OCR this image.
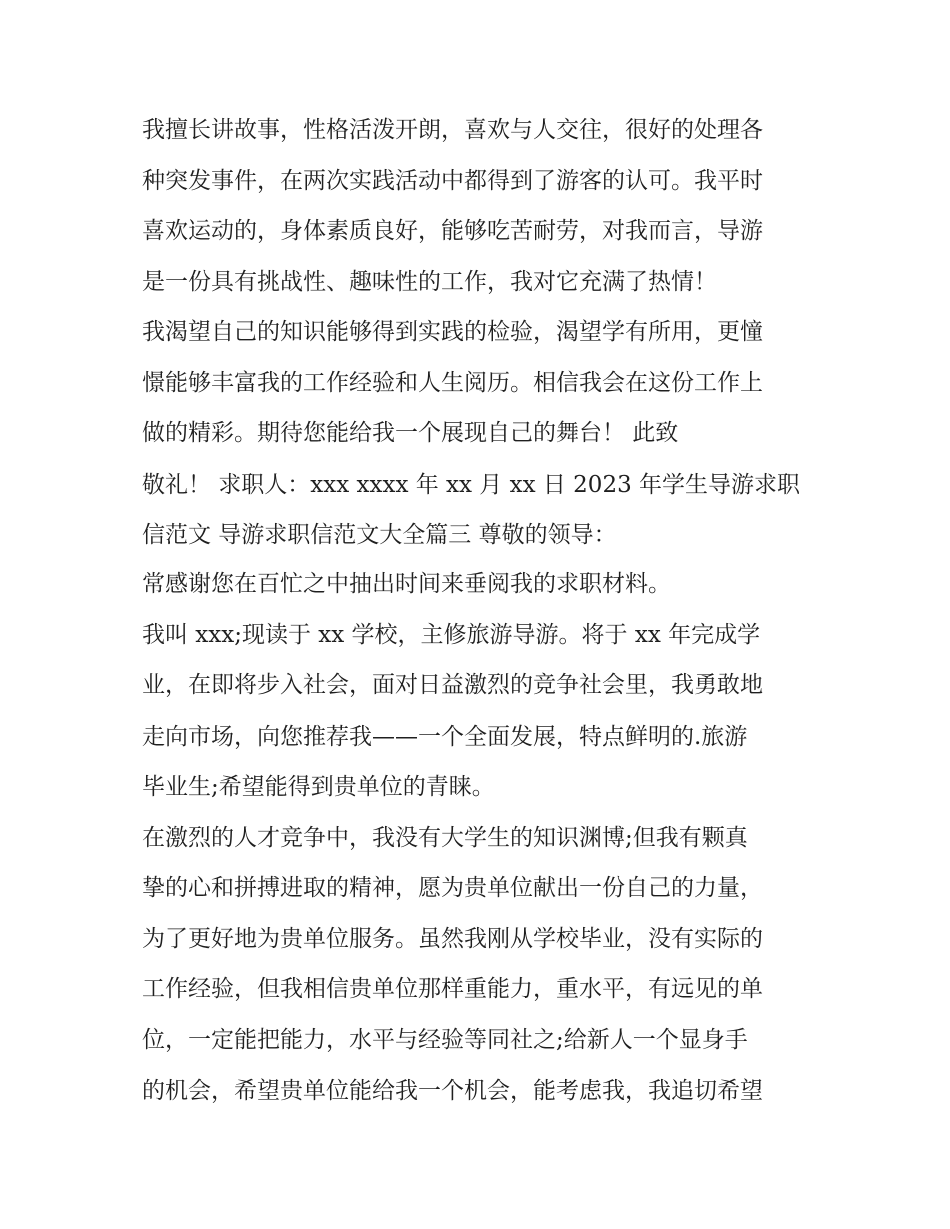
我擅长讲故事，性格活泼开朗，喜欢与人交往，很好的处理各
种突发事件，在两次实践活动中都得到了游客的认可。我平时
喜欢运动的，身体素质良好，能够吃苦耐劳，对我而言，导游
是一份具有挑战性、趣味性的工作，我对它充满了热情！
我渴望自己的知识能够得到实践的检验，渴望学有所用，更憧
憬能够丰富我的工作经验和人生阅历。相信我会在这份工作上
做的精彩。期待您能给我一个展现自己的舞台！ 此致
敬礼！ 求职人：xxx xxxx 年 xx 月 xx 日 2023 年学生导游求职
信范文 导游求职信范文大全篇三 尊敬的领导：
常感谢您在百忙之中抽出时间来垂阅我的求职材料。
我叫 xxx;现读于 xx 学校，主修旅游导游。将于 xx 年完成学
业，在即将步入社会，面对日益激烈的竞争社会里，我勇敢地
走向市场，向您推荐我——一个全面发展，特点鲜明的.旅游
毕业生;希望能得到贵单位的青睐。
在激烈的人才竞争中，我没有大学生的知识渊博;但我有颗真
挚的心和拼搏进取的精神，愿为贵单位献出一份自己的力量，
为了更好地为贵单位服务。虽然我刚从学校毕业，没有实际的
工作经验，但我相信贵单位那样重能力，重水平，有远见的单
位，一定能把能力，水平与经验等同社之;给新人一个显身手
的机会，希望贵单位能给我一个机会，能考虑我，我追切希望
